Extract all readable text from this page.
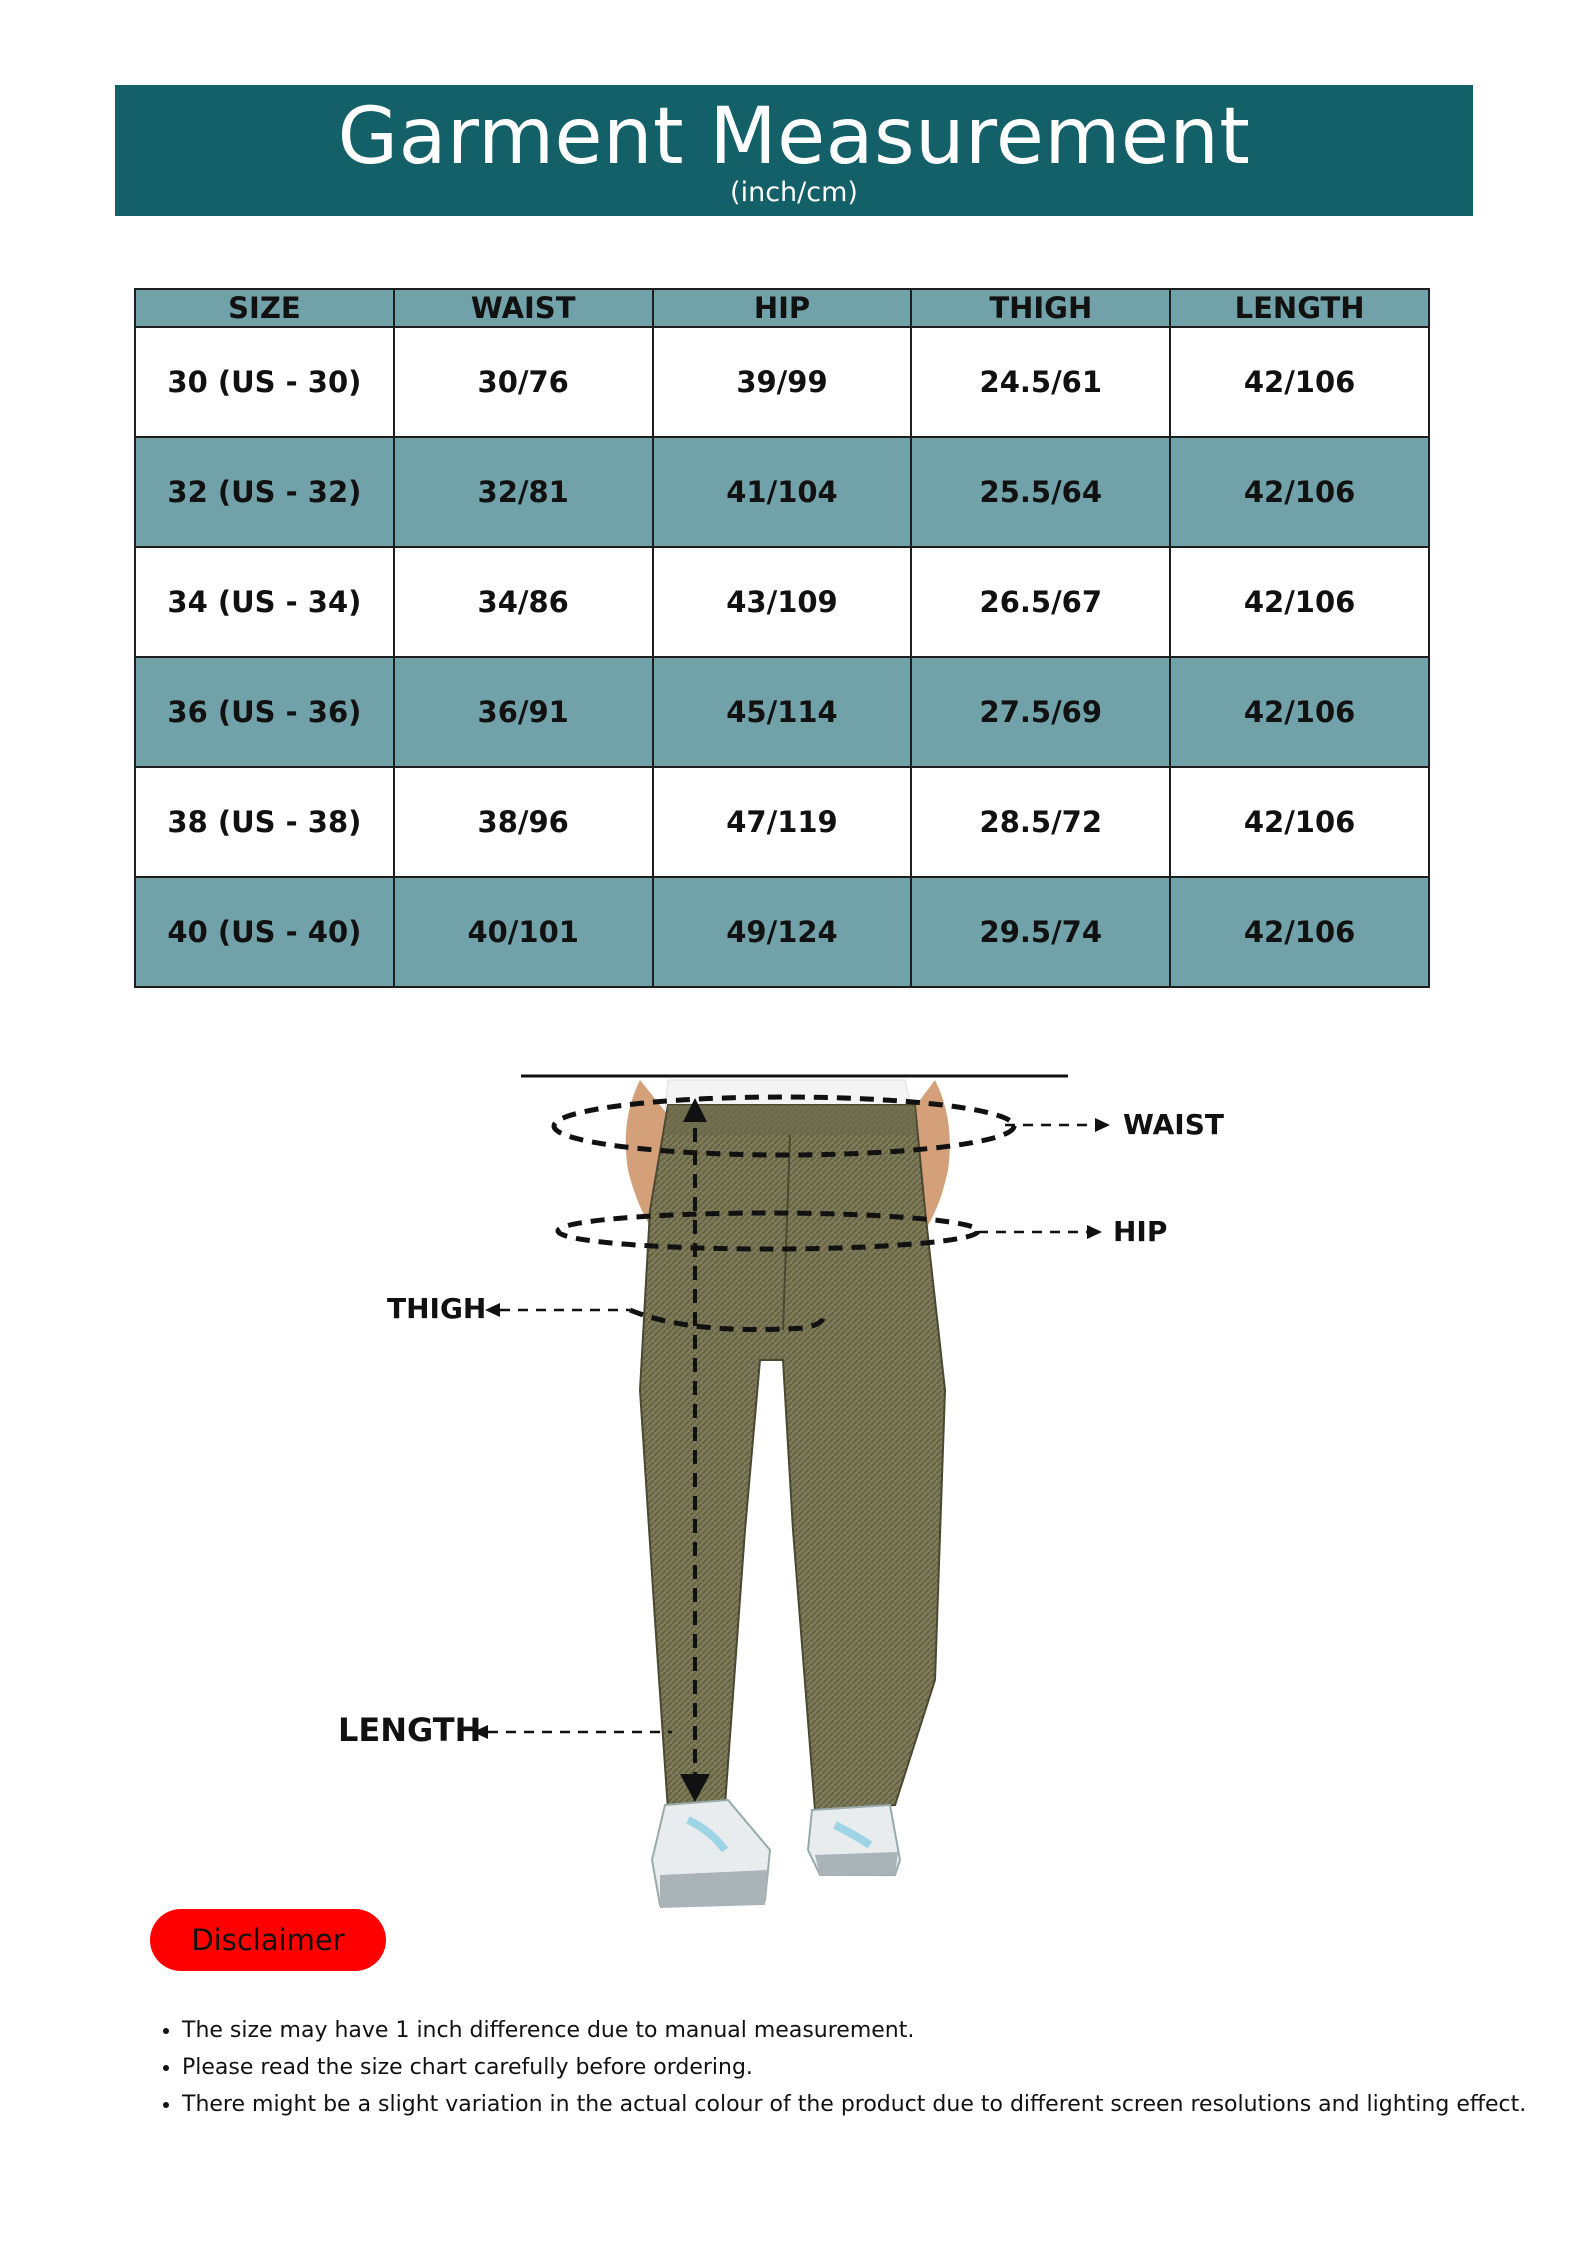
Garment Measurement
(inch/cm)
SIZE	WAIST	HIP	THIGH	LENGTH
30 (US - 30)	30/76	39/99	24.5/61	42/106
32 (US - 32)	32/81	41/104	25.5/64	42/106
34 (US - 34)	34/86	43/109	26.5/67	42/106
36 (US - 36)	36/91	45/114	27.5/69	42/106
38 (US - 38)	38/96	47/119	28.5/72	42/106
40 (US - 40)	40/101	49/124	29.5/74	42/106
WAIST
HIP
THIGH
LENGTH
Disclaimer
• The size may have 1 inch difference due to manual measurement.
• Please read the size chart carefully before ordering.
• There might be a slight variation in the actual colour of the product due to different screen resolutions and lighting effect.
